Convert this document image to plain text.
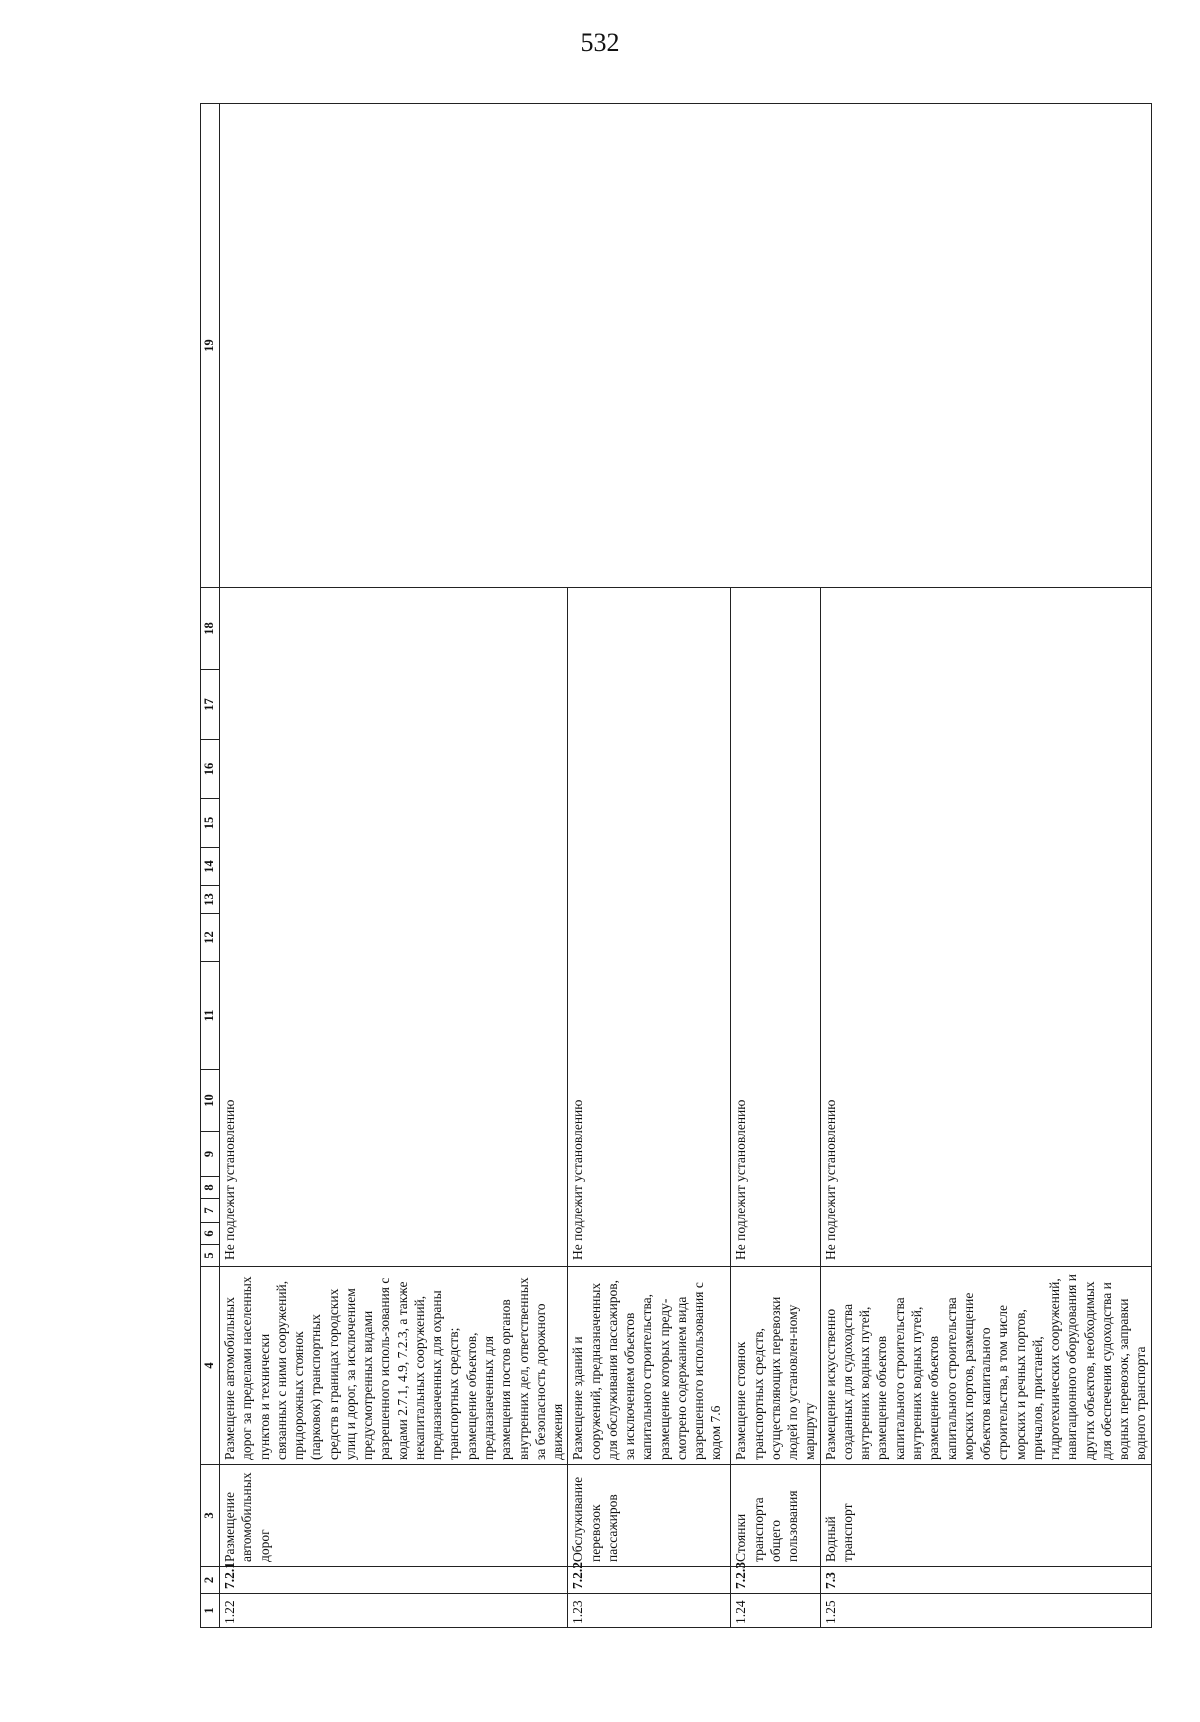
532
1	2	3	4	5	6	7	8	9	10	11	12	13	14	15	16	17	18	19
1.22	7.2.1	Размещение автомобильных дорог	Размещение автомобильных дорог за пределами населенных пунктов и технически связанных с ними сооружений, придорожных стоянок (парковок) транспортных средств в границах городских улиц и дорог, за исключением предусмотренных видами разрешенного исполь-зования с кодами 2.7.1, 4.9, 7.2.3, а также некапитальных сооружений, предназначенных для охраны транспортных средств; размещение объектов, предназначенных для размещения постов органов внутренних дел, ответственных за безопасность дорожного движения	Не подлежит установлению														
1.23	7.2.2	Обслуживание перевозок пассажиров	Размещение зданий и сооружений, предназначенных для обслуживания пассажиров, за исключением объектов капитального строительства, размещение которых преду-смотрено содержанием вида разрешенного использования с кодом 7.6	Не подлежит установлению														
1.24	7.2.3	Стоянки транспорта общего пользования	Размещение стоянок транспортных средств, осуществляющих перевозки людей по установлен-ному маршруту	Не подлежит установлению														
1.25	7.3	Водный транспорт	Размещение искусственно созданных для судоходства внутренних водных путей, размещение объектов капитального строительства внутренних водных путей, размещение объектов капитального строительства морских портов, размещение объектов капитального строительства, в том числе морских и речных портов, причалов, пристаней, гидротехнических сооружений, навигационного оборудования и других объектов, необходимых для обеспечения судоходства и водных перевозок, заправки водного транспорта	Не подлежит установлению														
